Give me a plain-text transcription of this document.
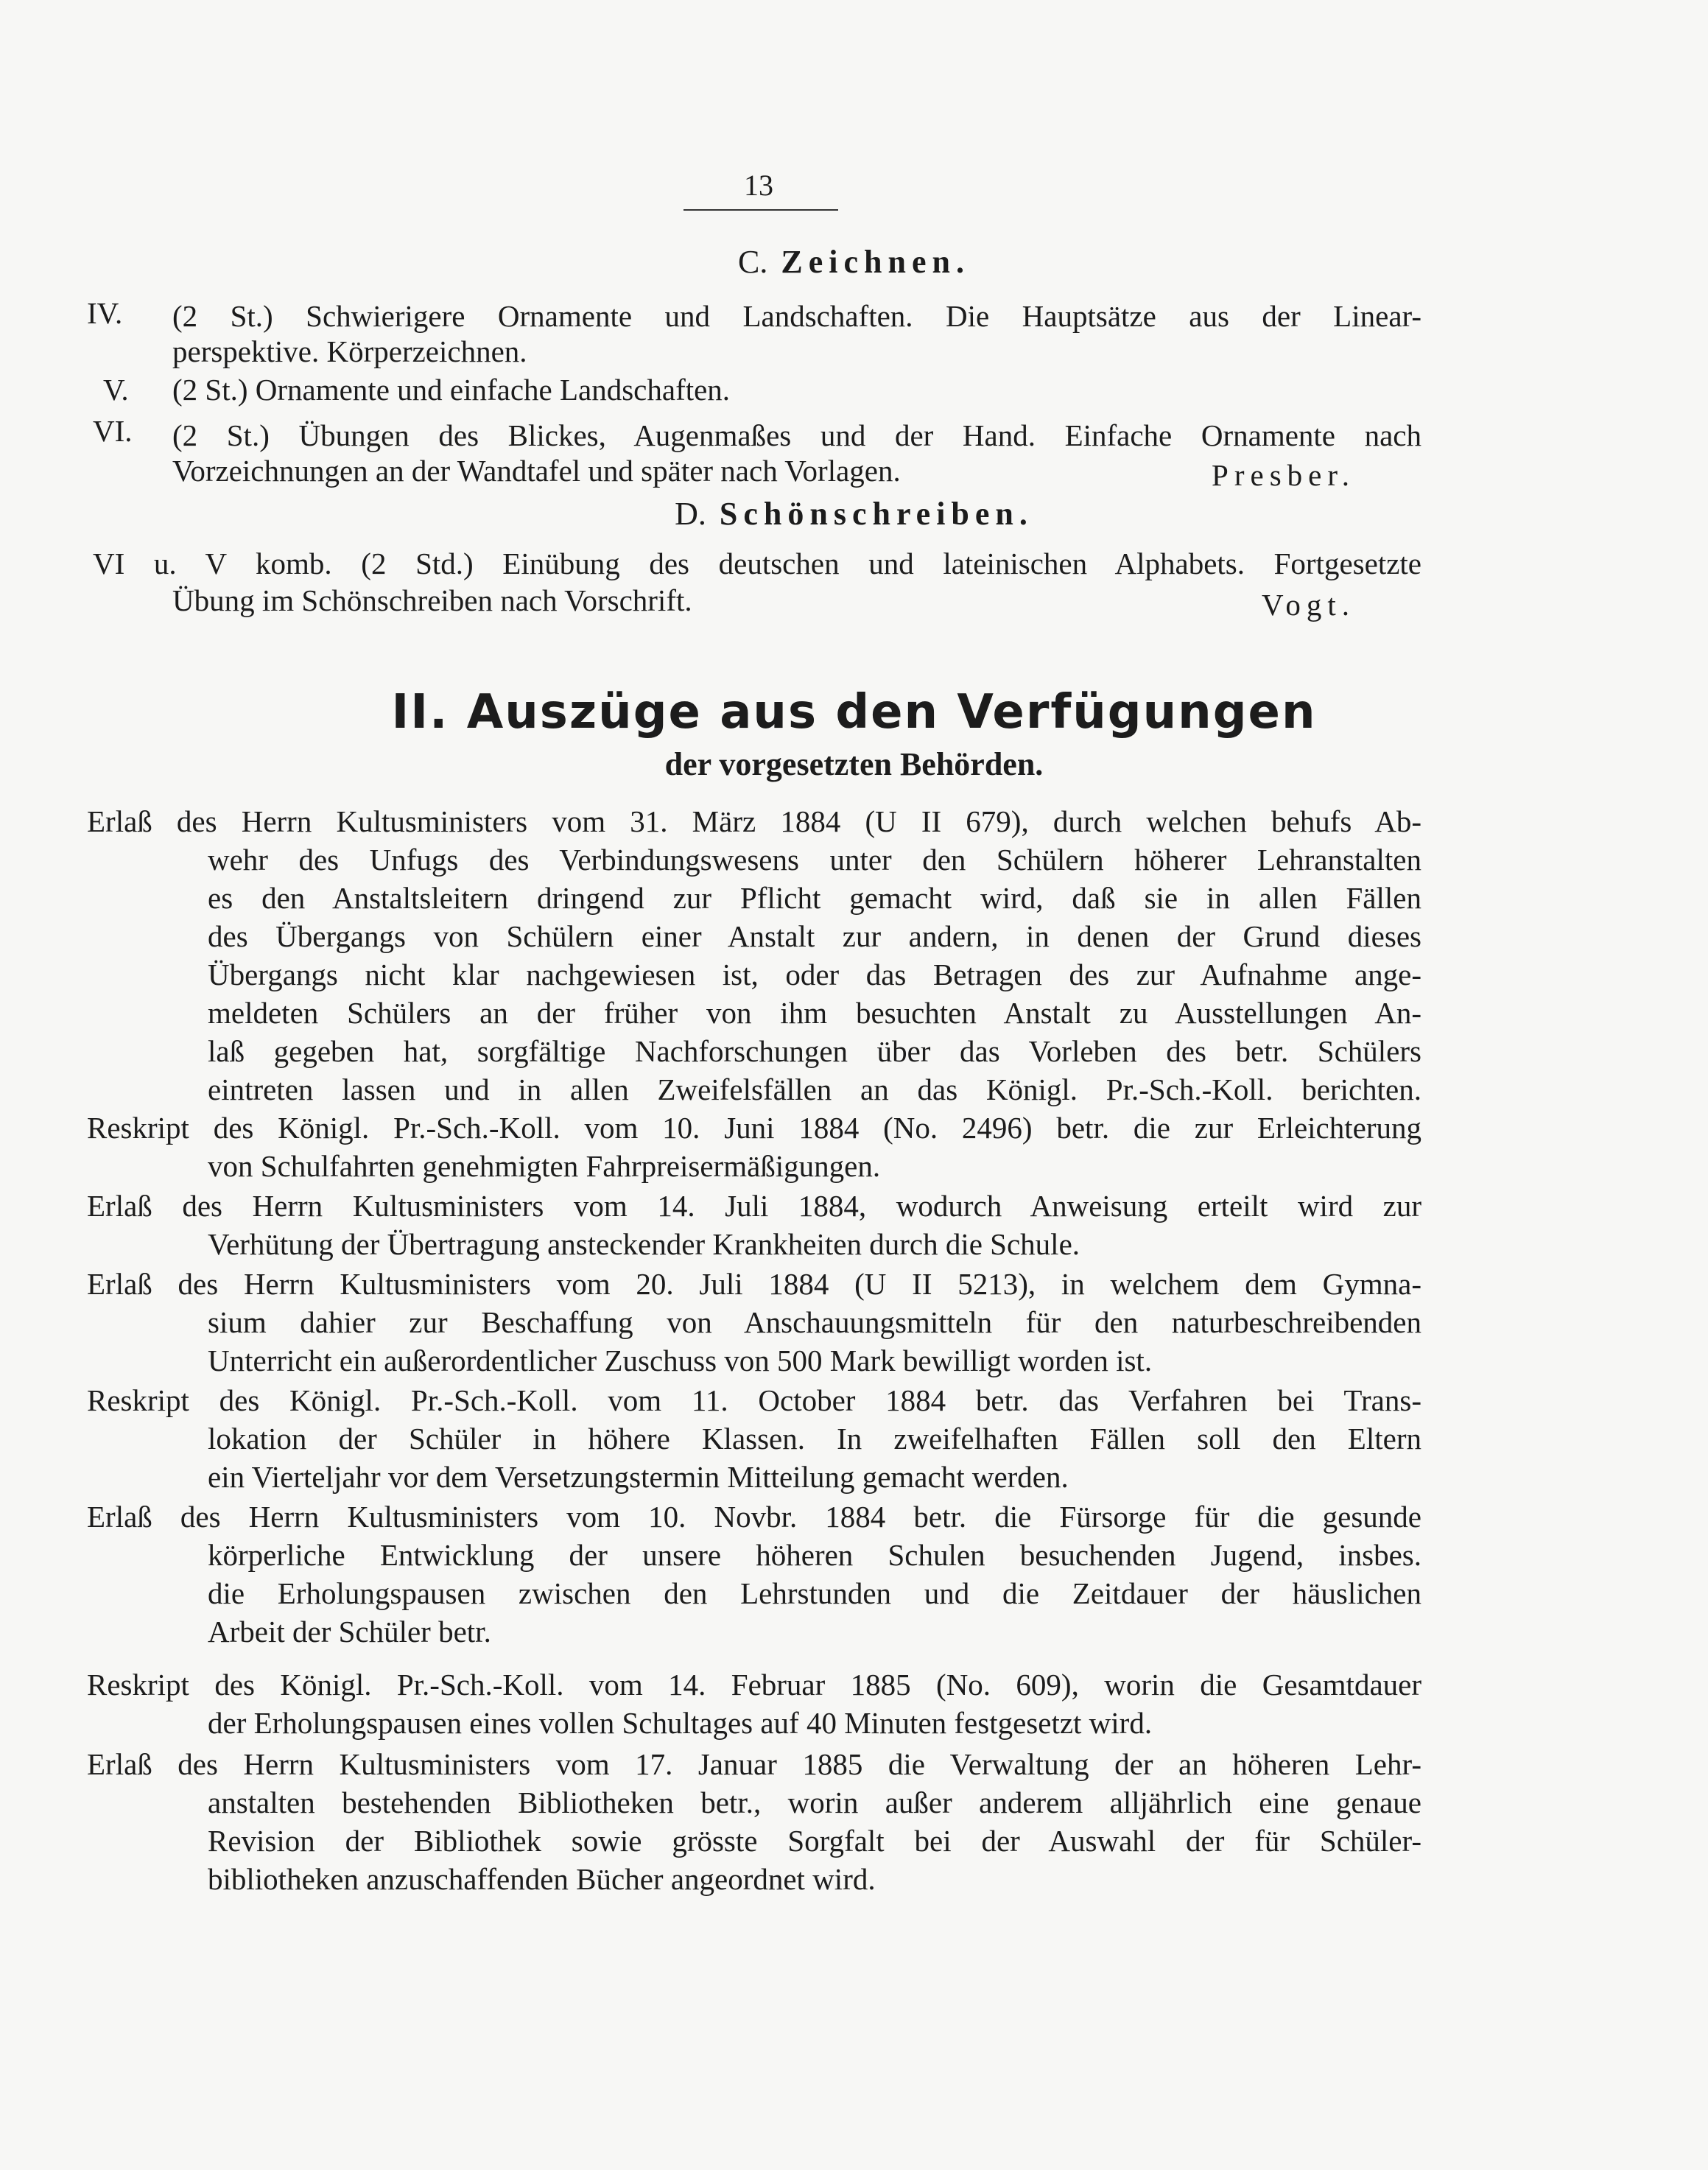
13
C. Zeichnen.
IV. (2 St.) Schwierigere Ornamente und Landschaften. Die Hauptsätze aus der Linear-
perspektive. Körperzeichnen.
V. (2 St.) Ornamente und einfache Landschaften.
VI. (2 St.) Übungen des Blickes, Augenmaßes und der Hand. Einfache Ornamente nach
Vorzeichnungen an der Wandtafel und später nach Vorlagen.	Presber.
D. Schönschreiben.
VI u. V komb. (2 Std.) Einübung des deutschen und lateinischen Alphabets. Fortgesetzte
Übung im Schönschreiben nach Vorschrift.	Vogt.
II. Auszüge aus den Verfügungen
der vorgesetzten Behörden.
Erlaß des Herrn Kultusministers vom 31. März 1884 (U II 679), durch welchen behufs Ab-
wehr des Unfugs des Verbindungswesens unter den Schülern höherer Lehranstalten
es den Anstaltsleitern dringend zur Pflicht gemacht wird, daß sie in allen Fällen
des Übergangs von Schülern einer Anstalt zur andern, in denen der Grund dieses
Übergangs nicht klar nachgewiesen ist, oder das Betragen des zur Aufnahme ange-
meldeten Schülers an der früher von ihm besuchten Anstalt zu Ausstellungen An-
laß gegeben hat, sorgfältige Nachforschungen über das Vorleben des betr. Schülers
eintreten lassen und in allen Zweifelsfällen an das Königl. Pr.-Sch.-Koll. berichten.
Reskript des Königl. Pr.-Sch.-Koll. vom 10. Juni 1884 (No. 2496) betr. die zur Erleichterung
von Schulfahrten genehmigten Fahrpreisermäßigungen.
Erlaß des Herrn Kultusministers vom 14. Juli 1884, wodurch Anweisung erteilt wird zur
Verhütung der Übertragung ansteckender Krankheiten durch die Schule.
Erlaß des Herrn Kultusministers vom 20. Juli 1884 (U II 5213), in welchem dem Gymna-
sium dahier zur Beschaffung von Anschauungsmitteln für den naturbeschreibenden
Unterricht ein außerordentlicher Zuschuss von 500 Mark bewilligt worden ist.
Reskript des Königl. Pr.-Sch.-Koll. vom 11. October 1884 betr. das Verfahren bei Trans-
lokation der Schüler in höhere Klassen. In zweifelhaften Fällen soll den Eltern
ein Vierteljahr vor dem Versetzungstermin Mitteilung gemacht werden.
Erlaß des Herrn Kultusministers vom 10. Novbr. 1884 betr. die Fürsorge für die gesunde
körperliche Entwicklung der unsere höheren Schulen besuchenden Jugend, insbes.
die Erholungspausen zwischen den Lehrstunden und die Zeitdauer der häuslichen
Arbeit der Schüler betr.
Reskript des Königl. Pr.-Sch.-Koll. vom 14. Februar 1885 (No. 609), worin die Gesamtdauer
der Erholungspausen eines vollen Schultages auf 40 Minuten festgesetzt wird.
Erlaß des Herrn Kultusministers vom 17. Januar 1885 die Verwaltung der an höheren Lehr-
anstalten bestehenden Bibliotheken betr., worin außer anderem alljährlich eine genaue
Revision der Bibliothek sowie grösste Sorgfalt bei der Auswahl der für Schüler-
bibliotheken anzuschaffenden Bücher angeordnet wird.
